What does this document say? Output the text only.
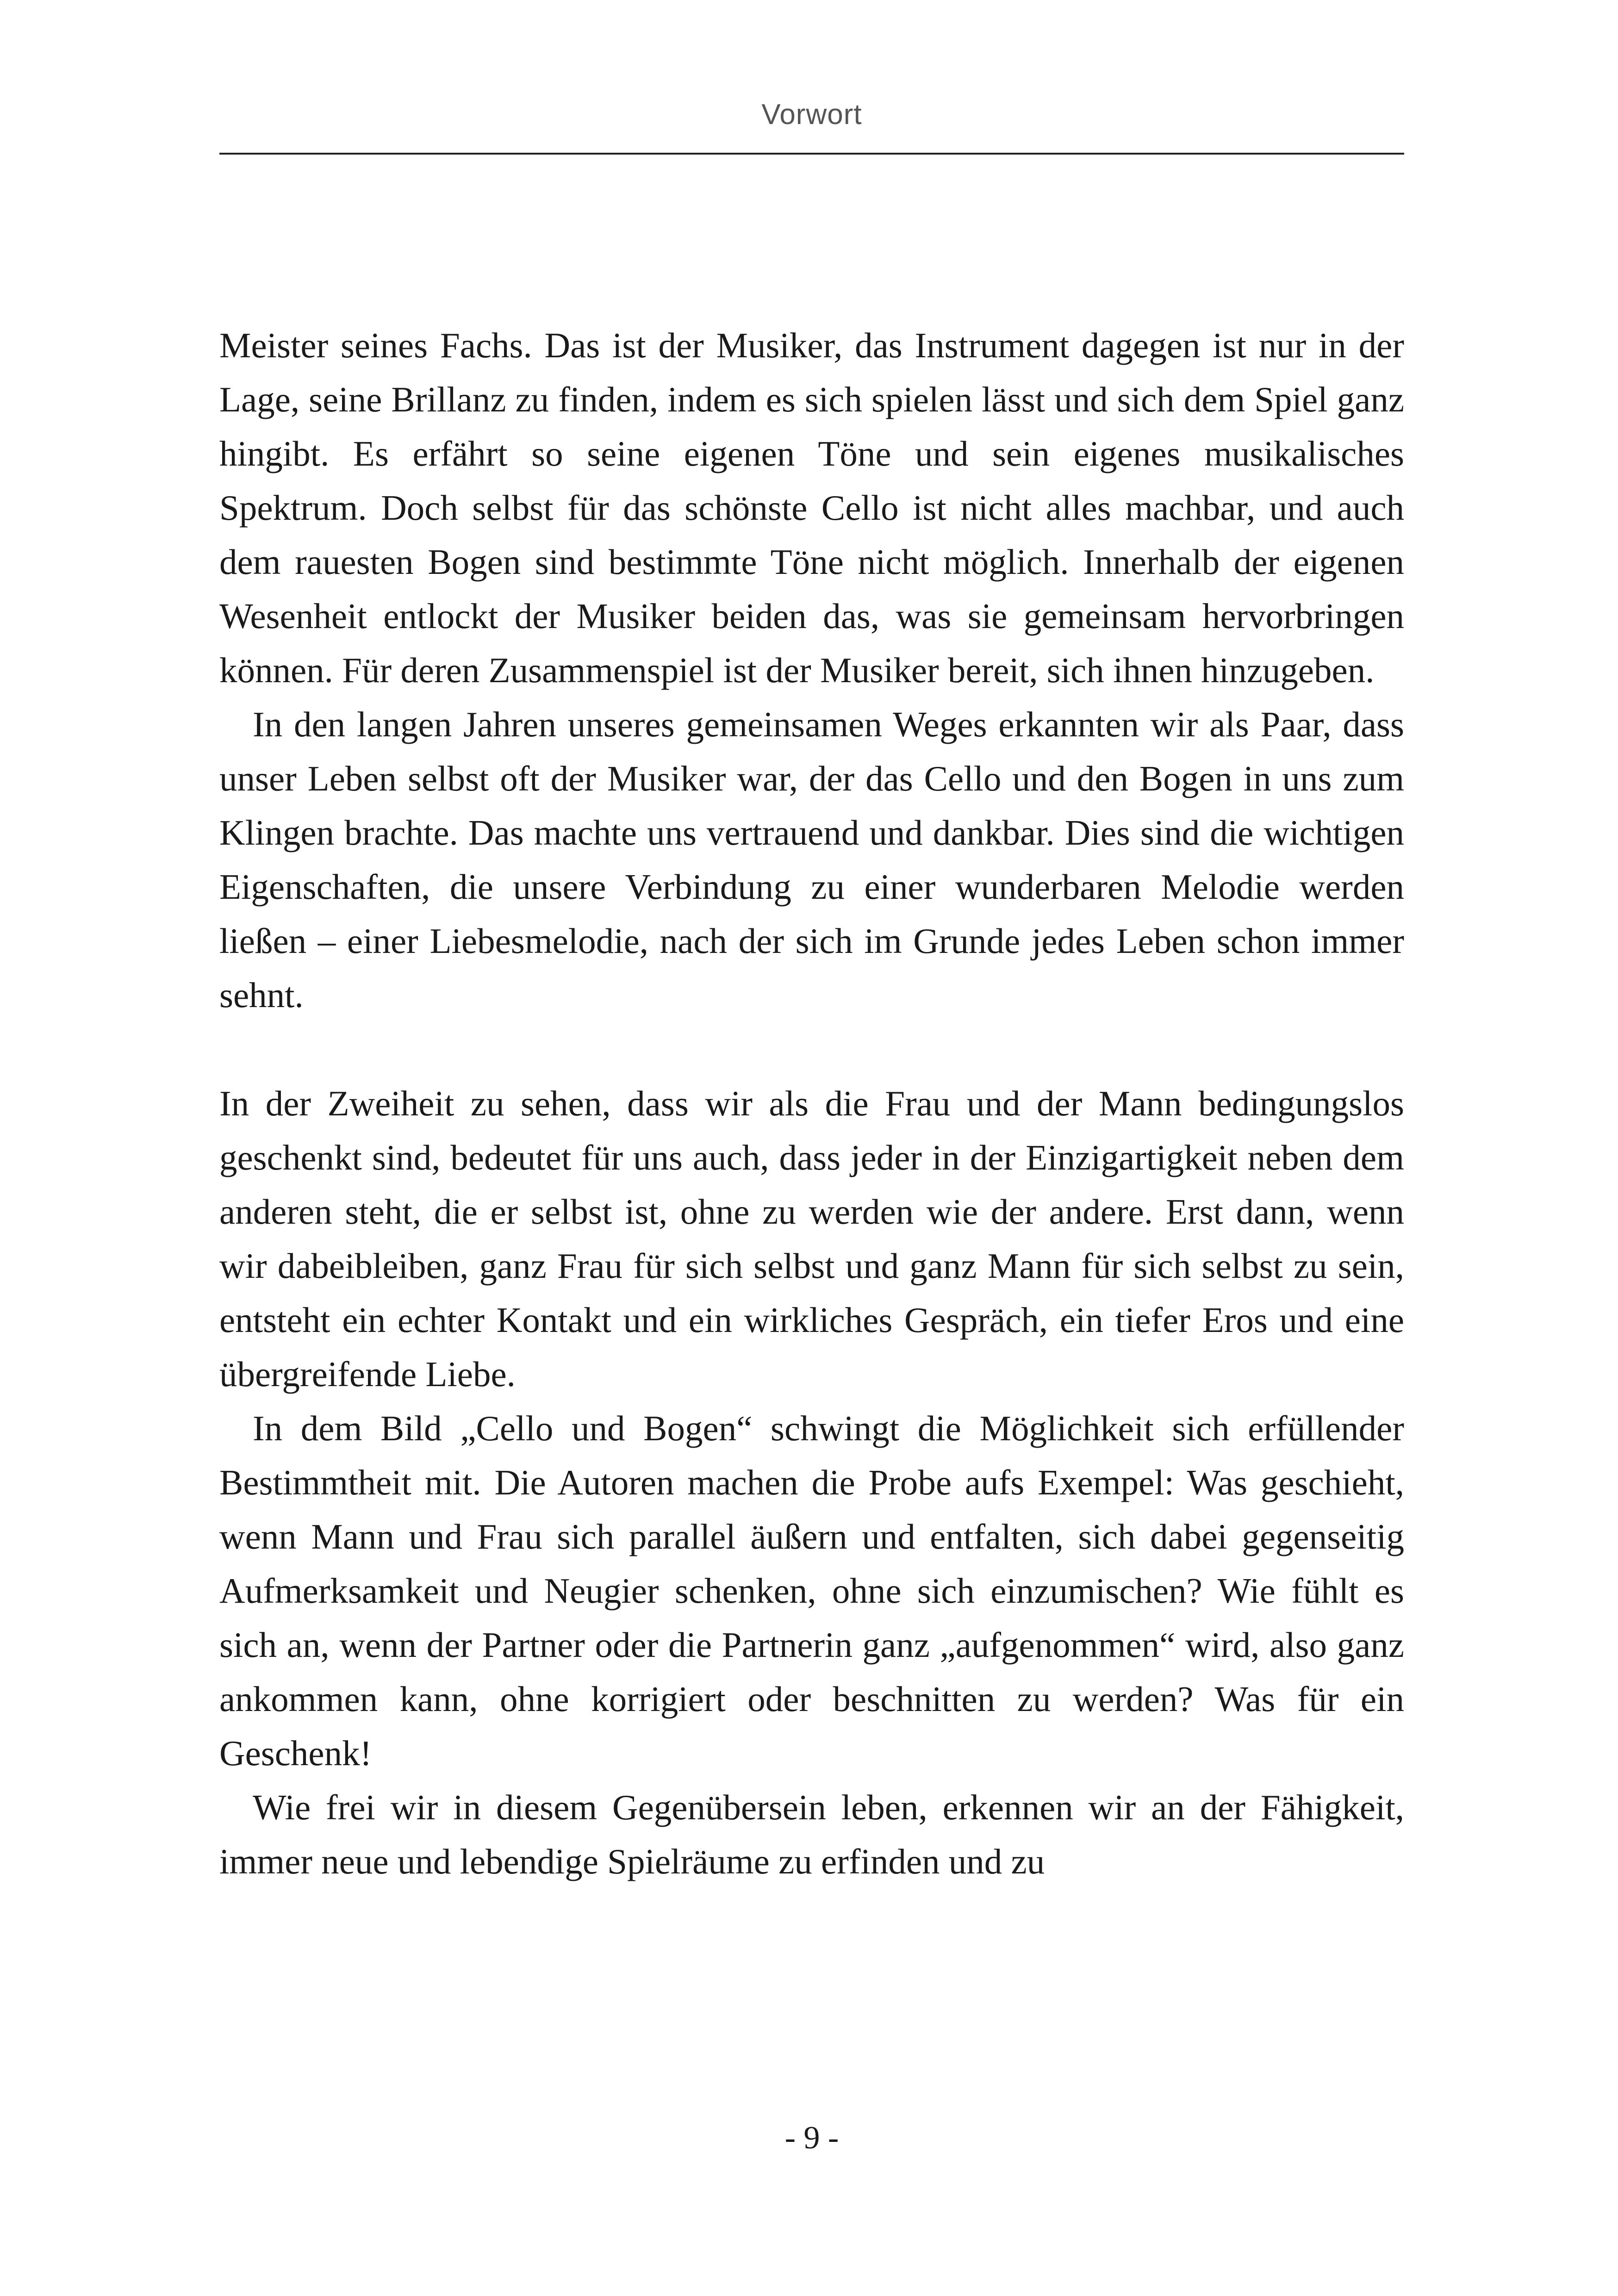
Vorwort

Meister seines Fachs. Das ist der Musiker, das Instrument dagegen ist nur in der Lage, seine Brillanz zu finden, indem es sich spielen lässt und sich dem Spiel ganz hingibt. Es erfährt so seine eigenen Töne und sein eigenes musikalisches Spektrum. Doch selbst für das schönste Cello ist nicht alles machbar, und auch dem rauesten Bogen sind bestimmte Töne nicht möglich. Innerhalb der eigenen Wesenheit entlockt der Musiker beiden das, was sie gemeinsam hervorbringen können. Für deren Zusammenspiel ist der Musiker bereit, sich ihnen hinzugeben.

In den langen Jahren unseres gemeinsamen Weges erkannten wir als Paar, dass unser Leben selbst oft der Musiker war, der das Cello und den Bogen in uns zum Klingen brachte. Das machte uns vertrauend und dankbar. Dies sind die wichtigen Eigenschaften, die unsere Verbindung zu einer wunderbaren Melodie werden ließen – einer Liebesmelodie, nach der sich im Grunde jedes Leben schon immer sehnt.

In der Zweiheit zu sehen, dass wir als die Frau und der Mann bedingungslos geschenkt sind, bedeutet für uns auch, dass jeder in der Einzigartigkeit neben dem anderen steht, die er selbst ist, ohne zu werden wie der andere. Erst dann, wenn wir dabeibleiben, ganz Frau für sich selbst und ganz Mann für sich selbst zu sein, entsteht ein echter Kontakt und ein wirkliches Gespräch, ein tiefer Eros und eine übergreifende Liebe.

In dem Bild „Cello und Bogen“ schwingt die Möglichkeit sich erfüllender Bestimmtheit mit. Die Autoren machen die Probe aufs Exempel: Was geschieht, wenn Mann und Frau sich parallel äußern und entfalten, sich dabei gegenseitig Aufmerksamkeit und Neugier schenken, ohne sich einzumischen? Wie fühlt es sich an, wenn der Partner oder die Partnerin ganz „aufgenommen“ wird, also ganz ankommen kann, ohne korrigiert oder beschnitten zu werden? Was für ein Geschenk!

Wie frei wir in diesem Gegenübersein leben, erkennen wir an der Fähigkeit, immer neue und lebendige Spielräume zu erfinden und zu

- 9 -
